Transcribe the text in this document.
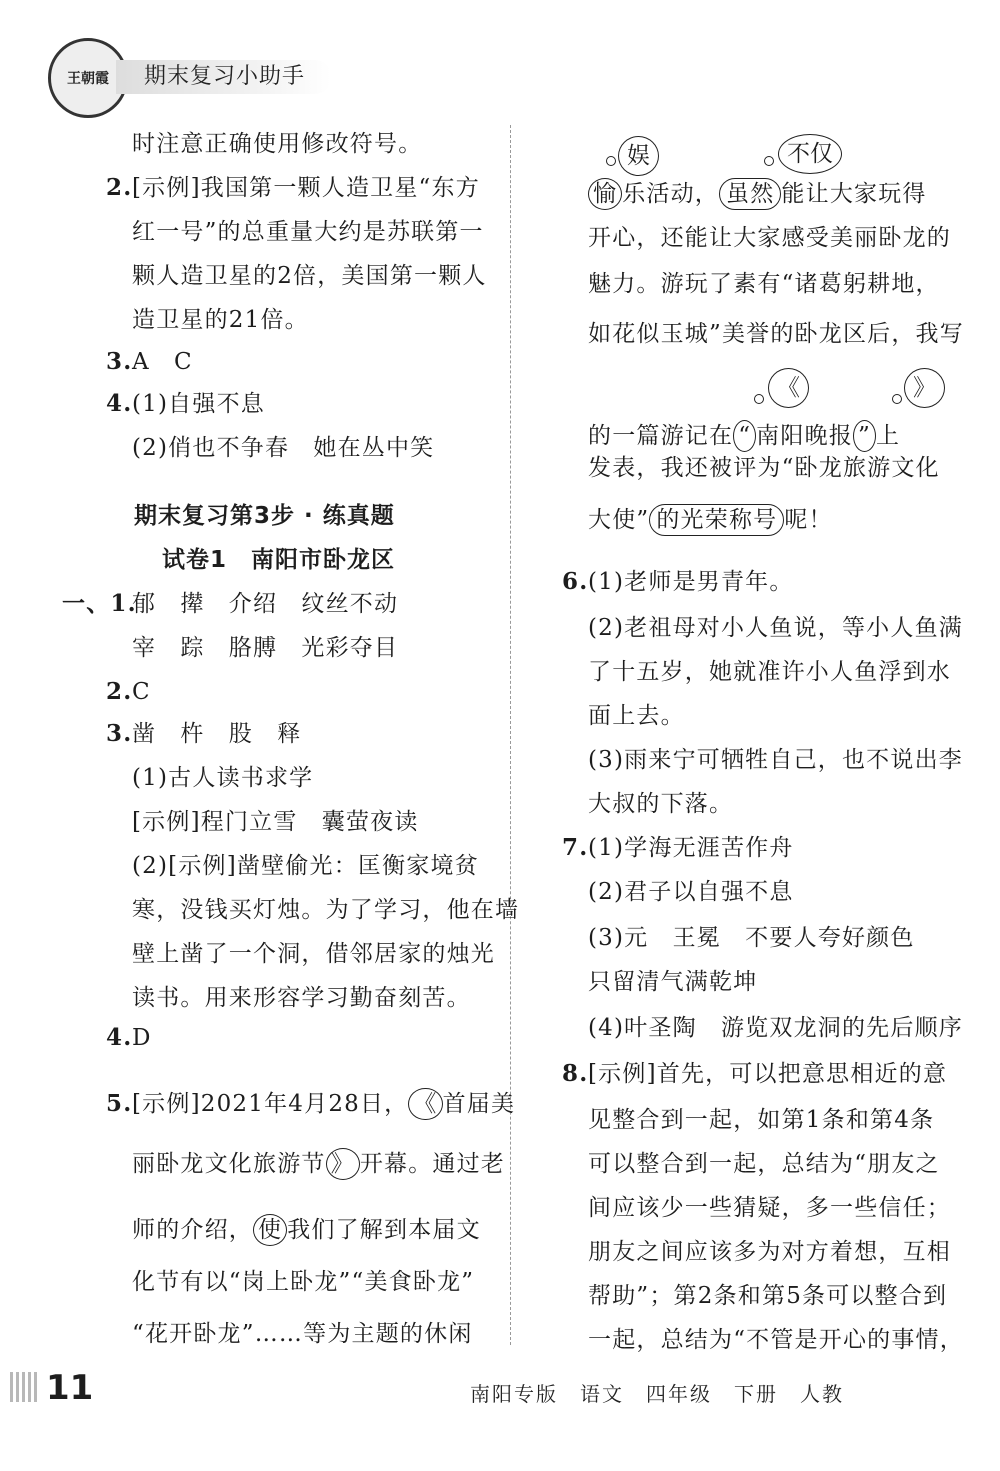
王朝霞	期末复习小助手
时注意正确使用修改符号。
2. [示例]我国第一颗人造卫星“东方
红一号”的总重量大约是苏联第一
颗人造卫星的2倍，美国第一颗人
造卫星的21倍。
3. A　C
4. (1)自强不息
(2)俏也不争春　她在丛中笑
期末复习第3步 · 练真题
试卷1　南阳市卧龙区
一、1.
郁　撵　介绍　纹丝不动
宰　踪　胳膊　光彩夺目
2. C
3. 凿　杵　股　释
(1)古人读书求学
[示例]程门立雪　囊萤夜读
(2)[示例]凿壁偷光：匡衡家境贫
寒，没钱买灯烛。为了学习，他在墙
壁上凿了一个洞，借邻居家的烛光
读书。用来形容学习勤奋刻苦。
4. D
5. [示例]2021年4月28日， 《 首届美
丽卧龙文化旅游节 》 开幕。通过老
师的介绍， 使 我们了解到本届文
化节有以“岗上卧龙”“美食卧龙”
“花开卧龙”……等为主题的休闲
娱	不仅
愉 乐活动， 虽然 能让大家玩得
开心，还能让大家感受美丽卧龙的
魅力。游玩了素有“诸葛躬耕地，
如花似玉城”美誉的卧龙区后，我写
《	》
的一篇游记在 “ 南阳晚报 ” 上
发表，我还被评为“卧龙旅游文化
大使” 的光荣称号 呢！
6. (1)老师是男青年。
(2)老祖母对小人鱼说，等小人鱼满
了十五岁，她就准许小人鱼浮到水
面上去。
(3)雨来宁可牺牲自己，也不说出李
大叔的下落。
7. (1)学海无涯苦作舟
(2)君子以自强不息
(3)元　王冕　不要人夸好颜色
只留清气满乾坤
(4)叶圣陶　游览双龙洞的先后顺序
8. [示例]首先，可以把意思相近的意
见整合到一起，如第1条和第4条
可以整合到一起，总结为“朋友之
间应该少一些猜疑，多一些信任；
朋友之间应该多为对方着想，互相
帮助”；第2条和第5条可以整合到
一起，总结为“不管是开心的事情，
11	南阳专版　语文　四年级　下册　人教
